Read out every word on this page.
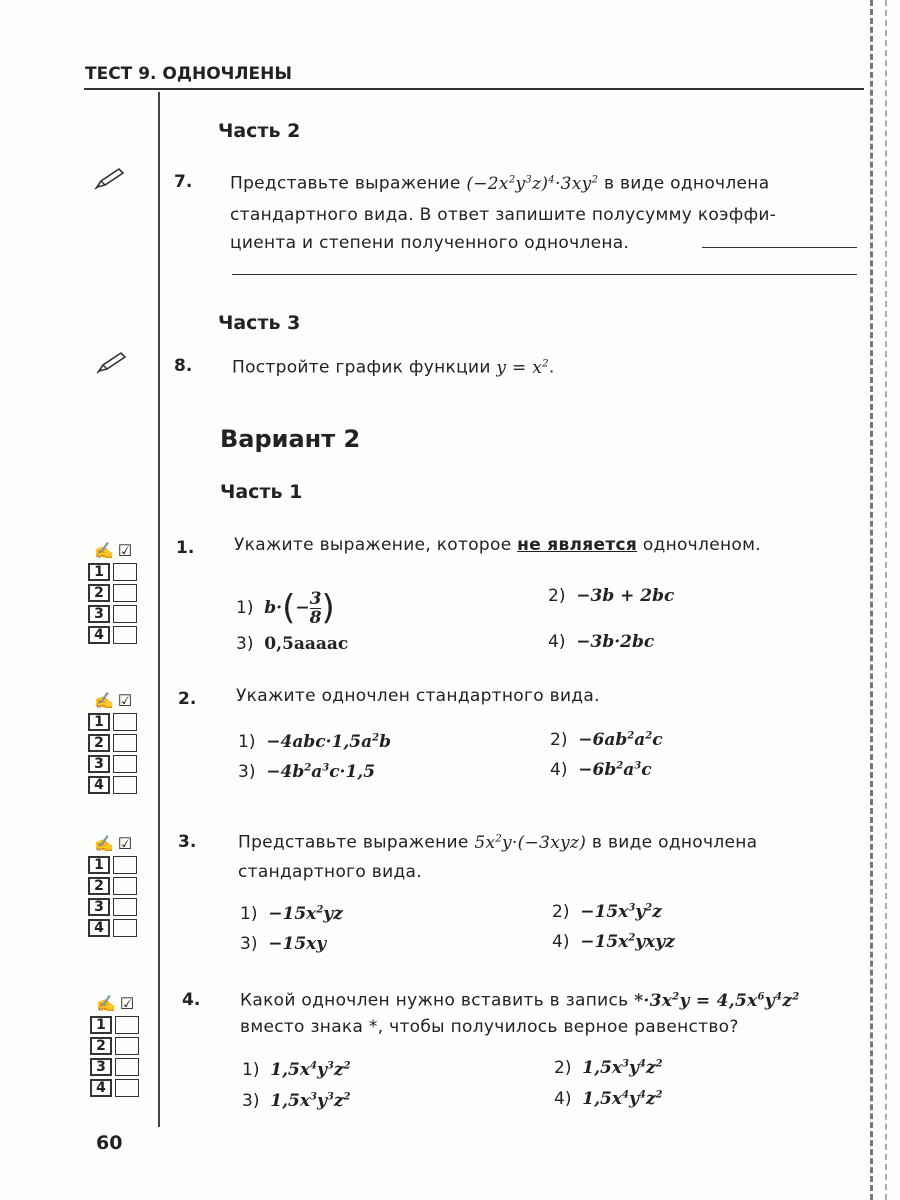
ТЕСТ 9. ОДНОЧЛЕНЫ
Часть 2
7. Представьте выражение $(-2x^2y^3z)^4\cdot 3xy^2$ в виде одночлена
стандартного вида. В ответ запишите полусумму коэффи-
циента и степени полученного одночлена.
Часть 3
8. Постройте график функции $y = x^2$.
Вариант 2
Часть 1
✍ ☑
1
2
3
4
1. Укажите выражение, которое не является одночленом.
1) $b\cdot(- \frac{3}{8}$ )	2) −3b + 2bc
3) 0,5aaaac	4) −3b·2bc
✍ ☑
1
2
3
4
2. Укажите одночлен стандартного вида.
$1) -4abc\cdot 1,5a^2b$	$2) -6ab^2a^2c$
$3) -4b^2a^3c\cdot 1,5$	$4) -6b^2a^3c$
✍ ☑
1
2
3
4
3. Представьте выражение $5x^2y\cdot(-3xyz)$ в виде одночлена
стандартного вида.
$1) -15x^2yz$	$2) -15x^3y^2z$
3) −15xy	$4) -15x^2yxyz$
✍ ☑
1
2
3
4
4. Какой одночлен нужно вставить в запись $*\cdot 3x^2y = 4,5x^6y^4z^2$
вместо знака *, чтобы получилось верное равенство?
1) $1,5x^4y^3z^2$	2) $1,5x^3y^4z^2$
3) $1,5x^3y^3z^2$	4) $1,5x^4y^4z^2$
60
